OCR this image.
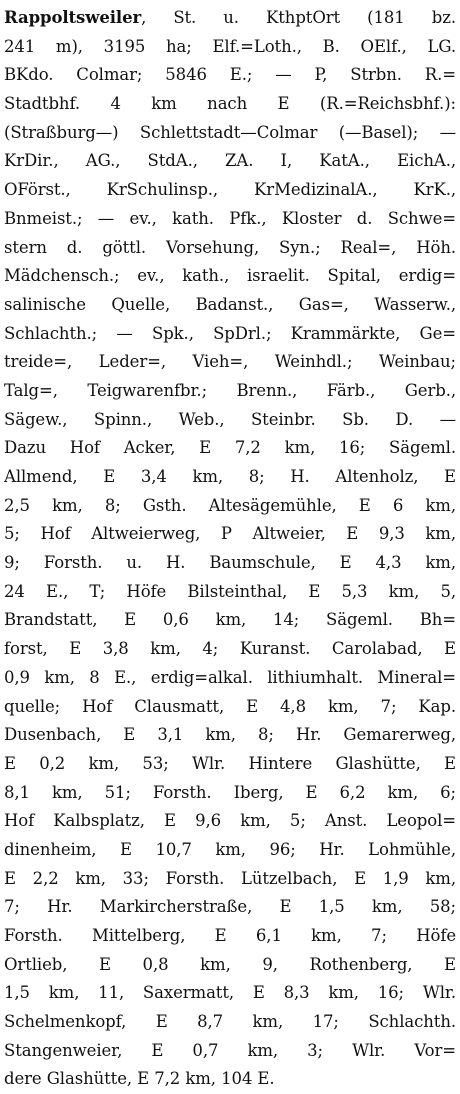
Rappoltsweiler, St. u. KthptOrt (181 bz.
241 m), 3195 ha; Elf.=Loth., B. OElf., LG.
BKdo. Colmar; 5846 E.; — P, Strbn. R.=
Stadtbhf. 4 km nach E (R.=Reichsbhf.):
(Straßburg—) Schlettstadt—Colmar (—Basel); —
KrDir., AG., StdA., ZA. I, KatA., EichA.,
OFörst., KrSchulinsp., KrMedizinalA., KrK.,
Bnmeist.; — ev., kath. Pfk., Kloster d. Schwe=
stern d. göttl. Vorsehung, Syn.; Real=, Höh.
Mädchensch.; ev., kath., israelit. Spital, erdig=
salinische Quelle, Badanst., Gas=, Wasserw.,
Schlachth.; — Spk., SpDrl.; Krammärkte, Ge=
treide=, Leder=, Vieh=, Weinhdl.; Weinbau;
Talg=, Teigwarenfbr.; Brenn., Färb., Gerb.,
Sägew., Spinn., Web., Steinbr. Sb. D. —
Dazu Hof Acker, E 7,2 km, 16; Sägeml.
Allmend, E 3,4 km, 8; H. Altenholz, E
2,5 km, 8; Gsth. Altesägemühle, E 6 km,
5; Hof Altweierweg, P Altweier, E 9,3 km,
9; Forsth. u. H. Baumschule, E 4,3 km,
24 E., T; Höfe Bilsteinthal, E 5,3 km, 5,
Brandstatt, E 0,6 km, 14; Sägeml. Bh=
forst, E 3,8 km, 4; Kuranst. Carolabad, E
0,9 km, 8 E., erdig=alkal. lithiumhalt. Mineral=
quelle; Hof Clausmatt, E 4,8 km, 7; Kap.
Dusenbach, E 3,1 km, 8; Hr. Gemarerweg,
E 0,2 km, 53; Wlr. Hintere Glashütte, E
8,1 km, 51; Forsth. Iberg, E 6,2 km, 6;
Hof Kalbsplatz, E 9,6 km, 5; Anst. Leopol=
dinenheim, E 10,7 km, 96; Hr. Lohmühle,
E 2,2 km, 33; Forsth. Lützelbach, E 1,9 km,
7; Hr. Markircherstraße, E 1,5 km, 58;
Forsth. Mittelberg, E 6,1 km, 7; Höfe
Ortlieb, E 0,8 km, 9, Rothenberg, E
1,5 km, 11, Saxermatt, E 8,3 km, 16; Wlr.
Schelmenkopf, E 8,7 km, 17; Schlachth.
Stangenweier, E 0,7 km, 3; Wlr. Vor=
dere Glashütte, E 7,2 km, 104 E.
